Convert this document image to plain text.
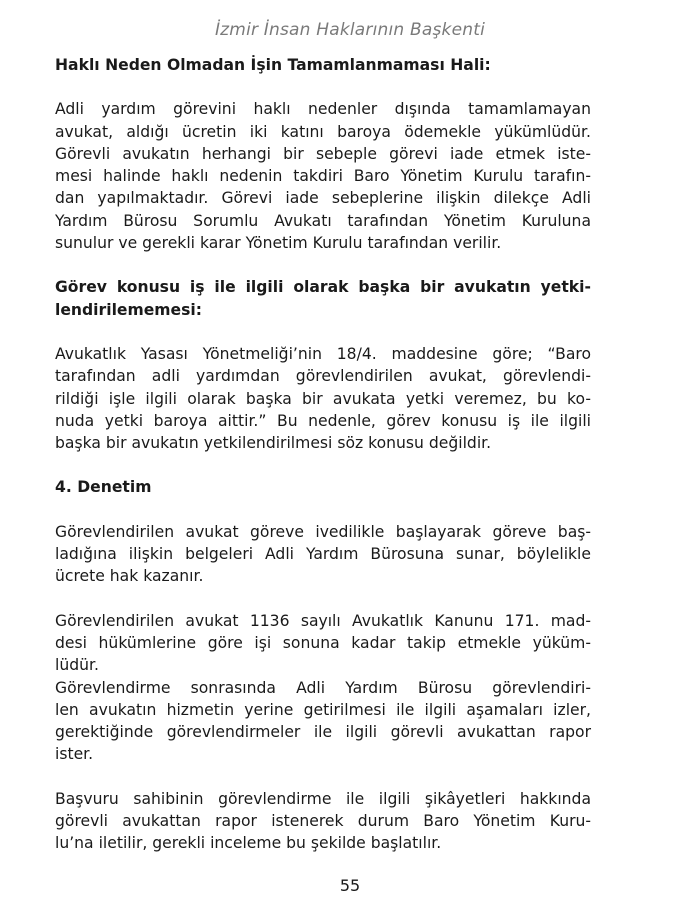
İzmir İnsan Haklarının Başkenti

Haklı Neden Olmadan İşin Tamamlanmaması Hali:

Adli yardım görevini haklı nedenler dışında tamamlamayan
avukat, aldığı ücretin iki katını baroya ödemekle yükümlüdür.
Görevli avukatın herhangi bir sebeple görevi iade etmek iste-
mesi halinde haklı nedenin takdiri Baro Yönetim Kurulu tarafın-
dan yapılmaktadır. Görevi iade sebeplerine ilişkin dilekçe Adli
Yardım Bürosu Sorumlu Avukatı tarafından Yönetim Kuruluna
sunulur ve gerekli karar Yönetim Kurulu tarafından verilir.

Görev konusu iş ile ilgili olarak başka bir avukatın yetki-
lendirilememesi:

Avukatlık Yasası Yönetmeliği’nin 18/4. maddesine göre; “Baro
tarafından adli yardımdan görevlendirilen avukat, görevlendi-
rildiği işle ilgili olarak başka bir avukata yetki veremez, bu ko-
nuda yetki baroya aittir.” Bu nedenle, görev konusu iş ile ilgili
başka bir avukatın yetkilendirilmesi söz konusu değildir.

4. Denetim

Görevlendirilen avukat göreve ivedilikle başlayarak göreve baş-
ladığına ilişkin belgeleri Adli Yardım Bürosuna sunar, böylelikle
ücrete hak kazanır.

Görevlendirilen avukat 1136 sayılı Avukatlık Kanunu 171. mad-
desi hükümlerine göre işi sonuna kadar takip etmekle yüküm-
lüdür.

Görevlendirme sonrasında Adli Yardım Bürosu görevlendiri-
len avukatın hizmetin yerine getirilmesi ile ilgili aşamaları izler,
gerektiğinde görevlendirmeler ile ilgili görevli avukattan rapor
ister.

Başvuru sahibinin görevlendirme ile ilgili şikâyetleri hakkında
görevli avukattan rapor istenerek durum Baro Yönetim Kuru-
lu’na iletilir, gerekli inceleme bu şekilde başlatılır.

55
